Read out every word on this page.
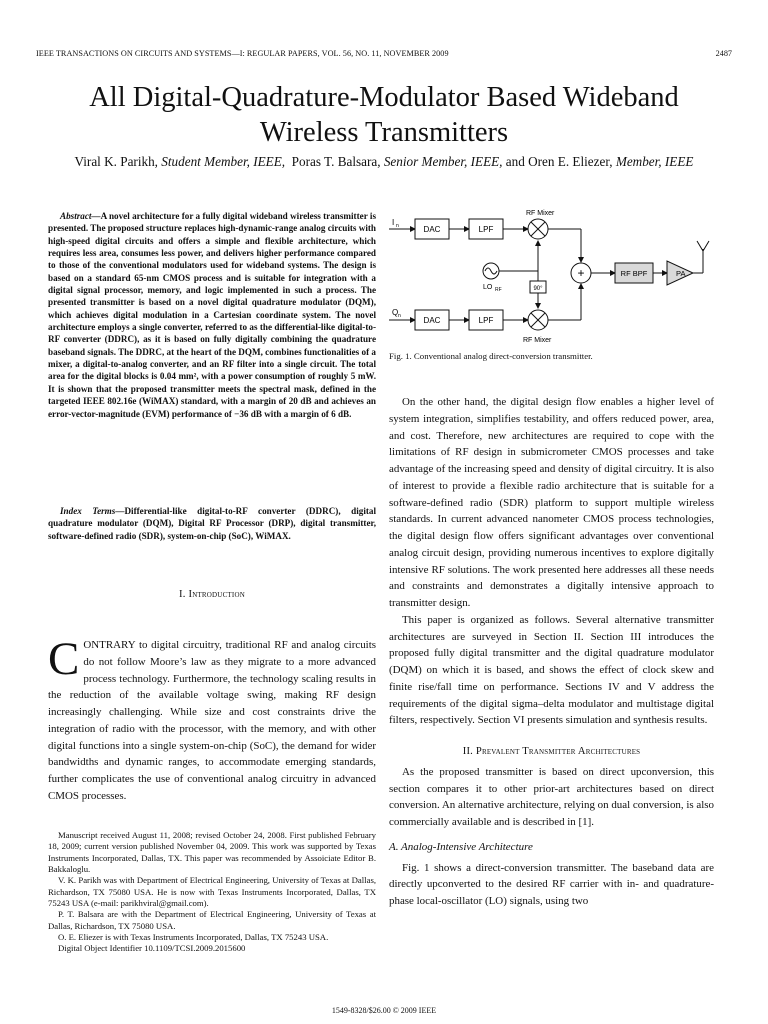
IEEE TRANSACTIONS ON CIRCUITS AND SYSTEMS—I: REGULAR PAPERS, VOL. 56, NO. 11, NOVEMBER 2009	2487
All Digital-Quadrature-Modulator Based Wideband
Wireless Transmitters
Viral K. Parikh, Student Member, IEEE, Poras T. Balsara, Senior Member, IEEE, and Oren E. Eliezer, Member, IEEE
Abstract—A novel architecture for a fully digital wideband wireless transmitter is presented. The proposed structure replaces high-dynamic-range analog circuits with high-speed digital circuits and offers a simple and flexible architecture, which requires less area, consumes less power, and delivers higher performance compared to those of the conventional modulators used for wideband systems. The design is based on a standard 65-nm CMOS process and is suitable for integration with a digital signal processor, memory, and logic implemented in such a process. The presented transmitter is based on a novel digital quadrature modulator (DQM), which achieves digital modulation in a Cartesian coordinate system. The novel architecture employs a single converter, referred to as the differential-like digital-to-RF converter (DDRC), as it is based on fully digitally combining the quadrature baseband signals. The DDRC, at the heart of the DQM, combines functionalities of a mixer, a digital-to-analog converter, and an RF filter into a single circuit. The total area for the digital blocks is 0.04 mm², with a power consumption of roughly 5 mW. It is shown that the proposed transmitter meets the spectral mask, defined in the targeted IEEE 802.16e (WiMAX) standard, with a margin of 20 dB and achieves an error-vector-magnitude (EVM) performance of −36 dB with a margin of 6 dB.
Index Terms—Differential-like digital-to-RF converter (DDRC), digital quadrature modulator (DQM), Digital RF Processor (DRP), digital transmitter, software-defined radio (SDR), system-on-chip (SoC), WiMAX.
I. Introduction
CONTRARY to digital circuitry, traditional RF and analog circuits do not follow Moore’s law as they migrate to a more advanced process technology. Furthermore, the technology scaling results in the reduction of the available voltage swing, making RF design increasingly challenging. While size and cost constraints drive the integration of radio with the processor, with the memory, and with other digital functions into a single system-on-chip (SoC), the demand for wider bandwidths and dynamic ranges, to accommodate emerging standards, further complicates the use of conventional analog circuitry in advanced CMOS processes.

Manuscript received August 11, 2008; revised October 24, 2008. First published February 18, 2009; current version published November 04, 2009. This work was supported by Texas Instruments Incorporated, Dallas, TX. This paper was recommended by Assoiciate Editor B. Bakkaloglu.

V. K. Parikh was with Department of Electrical Engineering, University of Texas at Dallas, Richardson, TX 75080 USA. He is now with Texas Instruments Incorporated, Dallas, TX 75243 USA (e-mail: parikhviral@gmail.com).

P. T. Balsara are with the Department of Electrical Engineering, University of Texas at Dallas, Richardson, TX 75080 USA.

O. E. Eliezer is with Texas Instruments Incorporated, Dallas, TX 75243 USA.

Digital Object Identifier 10.1109/TCSI.2009.2015600

I n	DAC	LPF
RF Mixer
Q n	DAC	LPF
RF Mixer
LO RF	90°
+	RF BPF	PA
Fig. 1. Conventional analog direct-conversion transmitter.

On the other hand, the digital design flow enables a higher level of system integration, simplifies testability, and offers reduced power, area, and cost. Therefore, new architectures are required to cope with the limitations of RF design in submicrometer CMOS processes and take advantage of the increasing speed and density of digital circuitry. It is also of interest to provide a flexible radio architecture that is suitable for a software-defined radio (SDR) platform to support multiple wireless standards. In current advanced nanometer CMOS process technologies, the digital design flow offers significant advantages over conventional analog circuit design, providing numerous incentives to explore digitally intensive RF solutions. The work presented here addresses all these needs and constraints and demonstrates a digitally intensive approach to transmitter design.

This paper is organized as follows. Several alternative transmitter architectures are surveyed in Section II. Section III introduces the proposed fully digital transmitter and the digital quadrature modulator (DQM) on which it is based, and shows the effect of clock skew and finite rise/fall time on performance. Sections IV and V address the requirements of the digital sigma–delta modulator and multistage digital filters, respectively. Section VI presents simulation and synthesis results.

II. Prevalent Transmitter Architectures

As the proposed transmitter is based on direct upconversion, this section compares it to other prior-art architectures based on direct conversion. An alternative architecture, relying on dual conversion, is also commercially available and is described in [1].

A. Analog-Intensive Architecture

Fig. 1 shows a direct-conversion transmitter. The baseband data are directly upconverted to the desired RF carrier with in- and quadrature-phase local-oscillator (LO) signals, using two

1549-8328/$26.00 © 2009 IEEE
